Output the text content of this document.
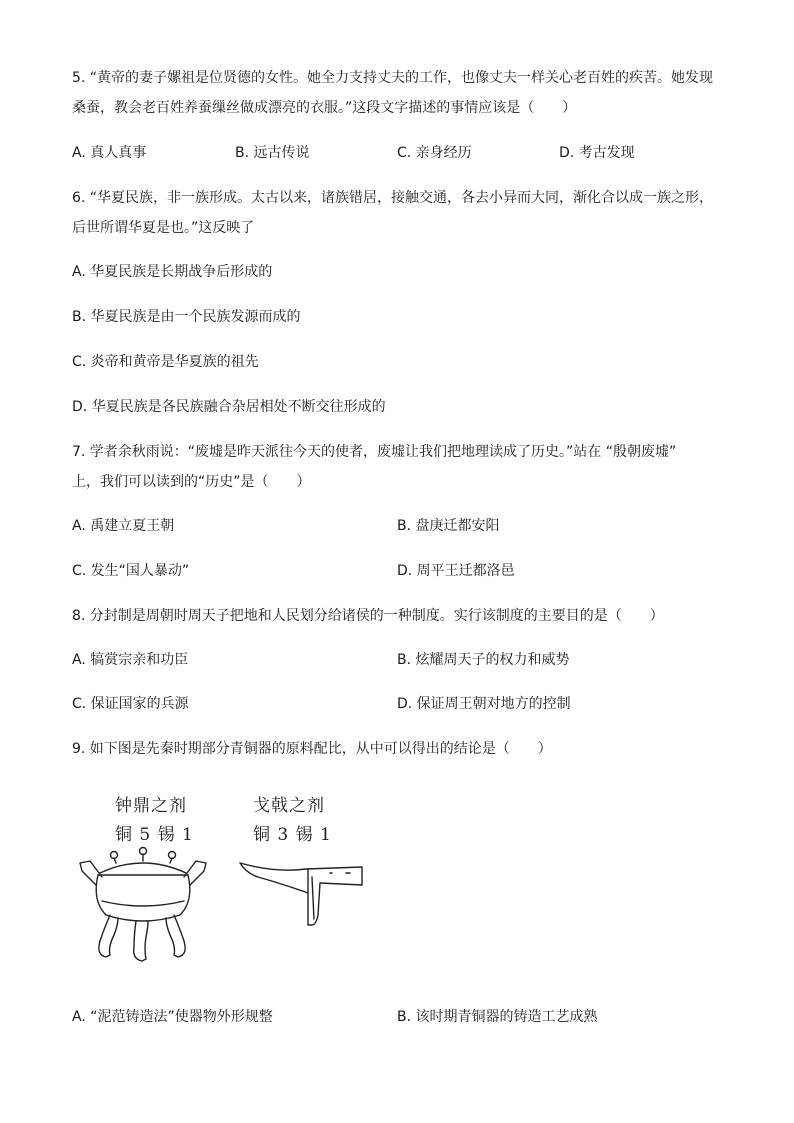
5. “黄帝的妻子嫘祖是位贤德的女性。她全力支持丈夫的工作，也像丈夫一样关心老百姓的疾苦。她发现
桑蚕，教会老百姓养蚕缫丝做成漂亮的衣服。”这段文字描述的事情应该是（　　）
A. 真人真事	B. 远古传说	C. 亲身经历	D. 考古发现
6. “华夏民族，非一族形成。太古以来，诸族错居，接触交通，各去小异而大同，渐化合以成一族之形，
后世所谓华夏是也。”这反映了
A. 华夏民族是长期战争后形成的
B. 华夏民族是由一个民族发源而成的
C. 炎帝和黄帝是华夏族的祖先
D. 华夏民族是各民族融合杂居相处不断交往形成的
7. 学者余秋雨说：“废墟是昨天派往今天的使者，废墟让我们把地理读成了历史。”站在 “殷朝废墟”
上，我们可以读到的“历史”是（　　）
A. 禹建立夏王朝	B. 盘庚迁都安阳
C. 发生“国人暴动”	D. 周平王迁都洛邑
8. 分封制是周朝时周天子把地和人民划分给诸侯的一种制度。实行该制度的主要目的是（　　）
A. 犒赏宗亲和功臣	B. 炫耀周天子的权力和威势
C. 保证国家的兵源	D. 保证周王朝对地方的控制
9. 如下图是先秦时期部分青铜器的原料配比，从中可以得出的结论是（　　）
钟鼎之剂
铜 5 锡 1
戈戟之剂
铜 3 锡 1
A. “泥范铸造法”使器物外形规整	B. 该时期青铜器的铸造工艺成熟
